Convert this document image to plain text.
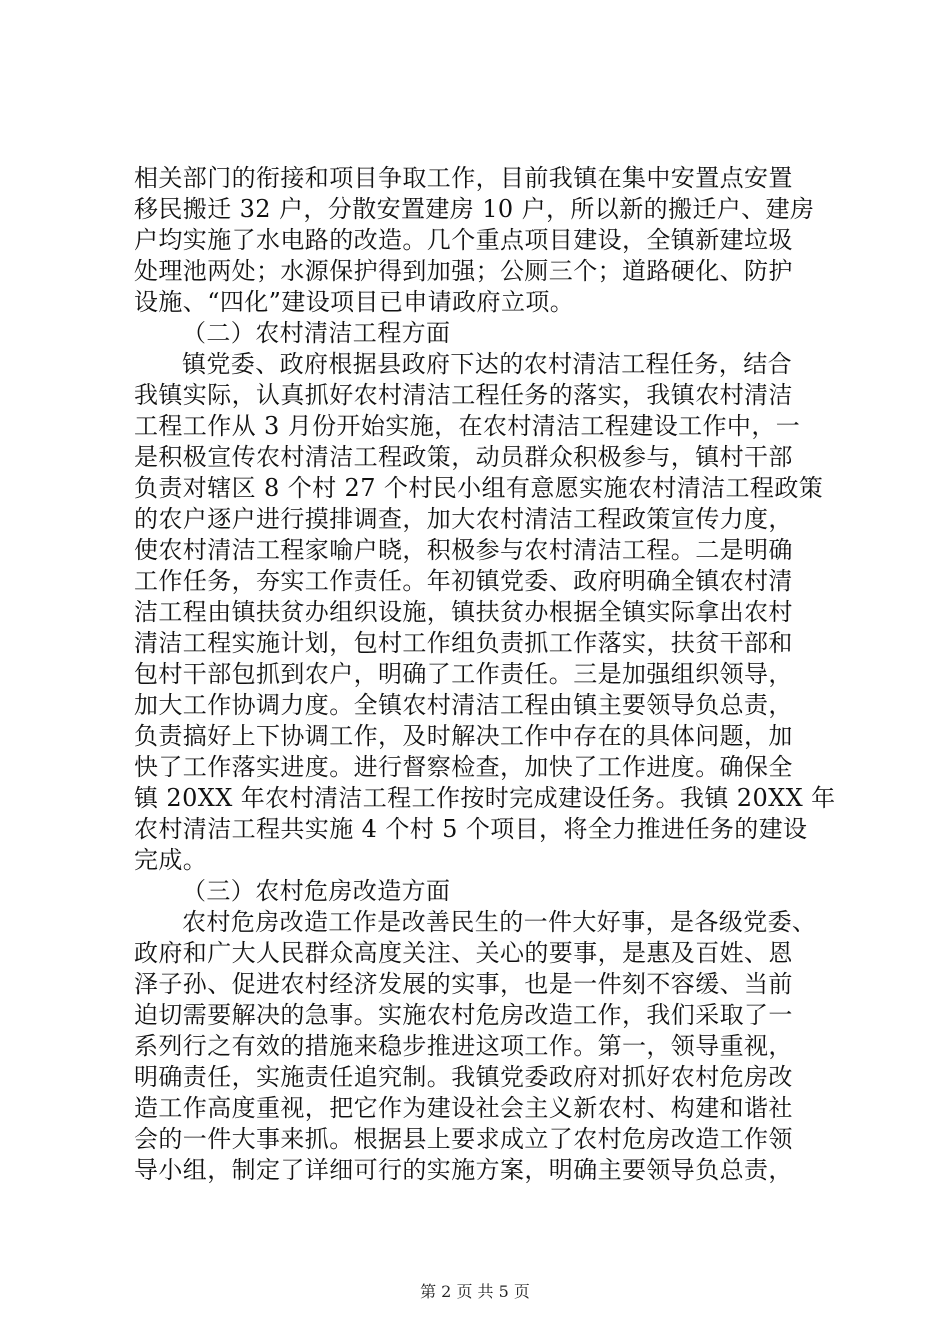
相关部门的衔接和项目争取工作，目前我镇在集中安置点安置
移民搬迁 32 户，分散安置建房 10 户，所以新的搬迁户、建房
户均实施了水电路的改造。几个重点项目建设，全镇新建垃圾
处理池两处；水源保护得到加强；公厕三个；道路硬化、防护
设施、“四化”建设项目已申请政府立项。
（二）农村清洁工程方面
镇党委、政府根据县政府下达的农村清洁工程任务，结合
我镇实际，认真抓好农村清洁工程任务的落实，我镇农村清洁
工程工作从 3 月份开始实施，在农村清洁工程建设工作中，一
是积极宣传农村清洁工程政策，动员群众积极参与，镇村干部
负责对辖区 8 个村 27 个村民小组有意愿实施农村清洁工程政策
的农户逐户进行摸排调查，加大农村清洁工程政策宣传力度，
使农村清洁工程家喻户晓，积极参与农村清洁工程。二是明确
工作任务，夯实工作责任。年初镇党委、政府明确全镇农村清
洁工程由镇扶贫办组织设施，镇扶贫办根据全镇实际拿出农村
清洁工程实施计划，包村工作组负责抓工作落实，扶贫干部和
包村干部包抓到农户，明确了工作责任。三是加强组织领导，
加大工作协调力度。全镇农村清洁工程由镇主要领导负总责，
负责搞好上下协调工作，及时解决工作中存在的具体问题，加
快了工作落实进度。进行督察检查，加快了工作进度。确保全
镇 20XX 年农村清洁工程工作按时完成建设任务。我镇 20XX 年
农村清洁工程共实施 4 个村 5 个项目，将全力推进任务的建设
完成。
（三）农村危房改造方面
农村危房改造工作是改善民生的一件大好事，是各级党委、
政府和广大人民群众高度关注、关心的要事，是惠及百姓、恩
泽子孙、促进农村经济发展的实事，也是一件刻不容缓、当前
迫切需要解决的急事。实施农村危房改造工作，我们采取了一
系列行之有效的措施来稳步推进这项工作。第一，领导重视，
明确责任，实施责任追究制。我镇党委政府对抓好农村危房改
造工作高度重视，把它作为建设社会主义新农村、构建和谐社
会的一件大事来抓。根据县上要求成立了农村危房改造工作领
导小组，制定了详细可行的实施方案，明确主要领导负总责，
第 2 页 共 5 页
